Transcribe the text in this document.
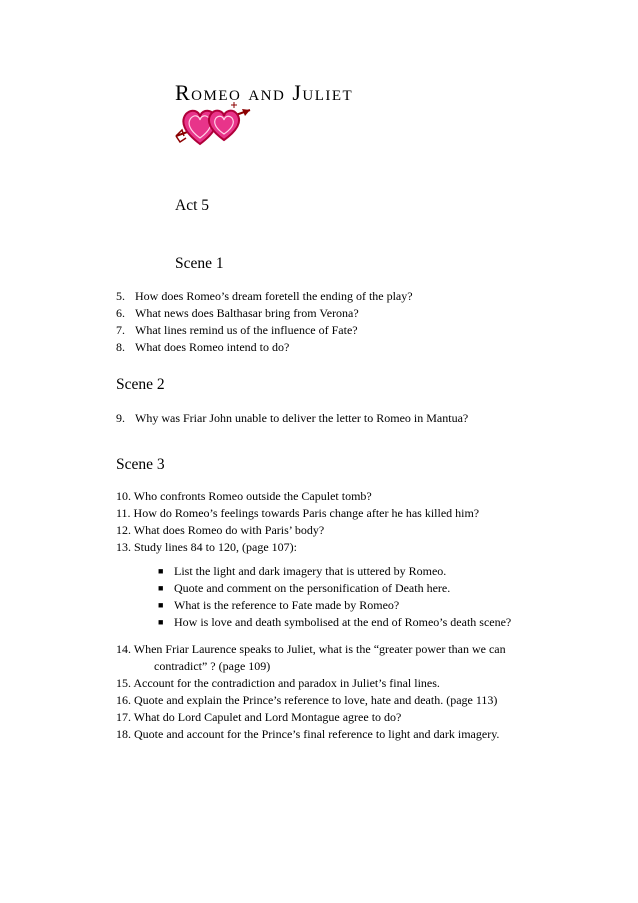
Romeo and Juliet
Act 5
Scene 1
5. How does Romeo’s dream foretell the ending of the play?
6. What news does Balthasar bring from Verona?
7. What lines remind us of the influence of Fate?
8. What does Romeo intend to do?
Scene 2
9. Why was Friar John unable to deliver the letter to Romeo in Mantua?
Scene 3
10. Who confronts Romeo outside the Capulet tomb?
11. How do Romeo’s feelings towards Paris change after he has killed him?
12. What does Romeo do with Paris’ body?
13. Study lines 84 to 120, (page 107):
■ List the light and dark imagery that is uttered by Romeo.
■ Quote and comment on the personification of Death here.
■ What is the reference to Fate made by Romeo?
■ How is love and death symbolised at the end of Romeo’s death scene?
14. When Friar Laurence speaks to Juliet, what is the “greater power than we can contradict” ? (page 109)
15. Account for the contradiction and paradox in Juliet’s final lines.
16. Quote and explain the Prince’s reference to love, hate and death. (page 113)
17. What do Lord Capulet and Lord Montague agree to do?
18. Quote and account for the Prince’s final reference to light and dark imagery.
